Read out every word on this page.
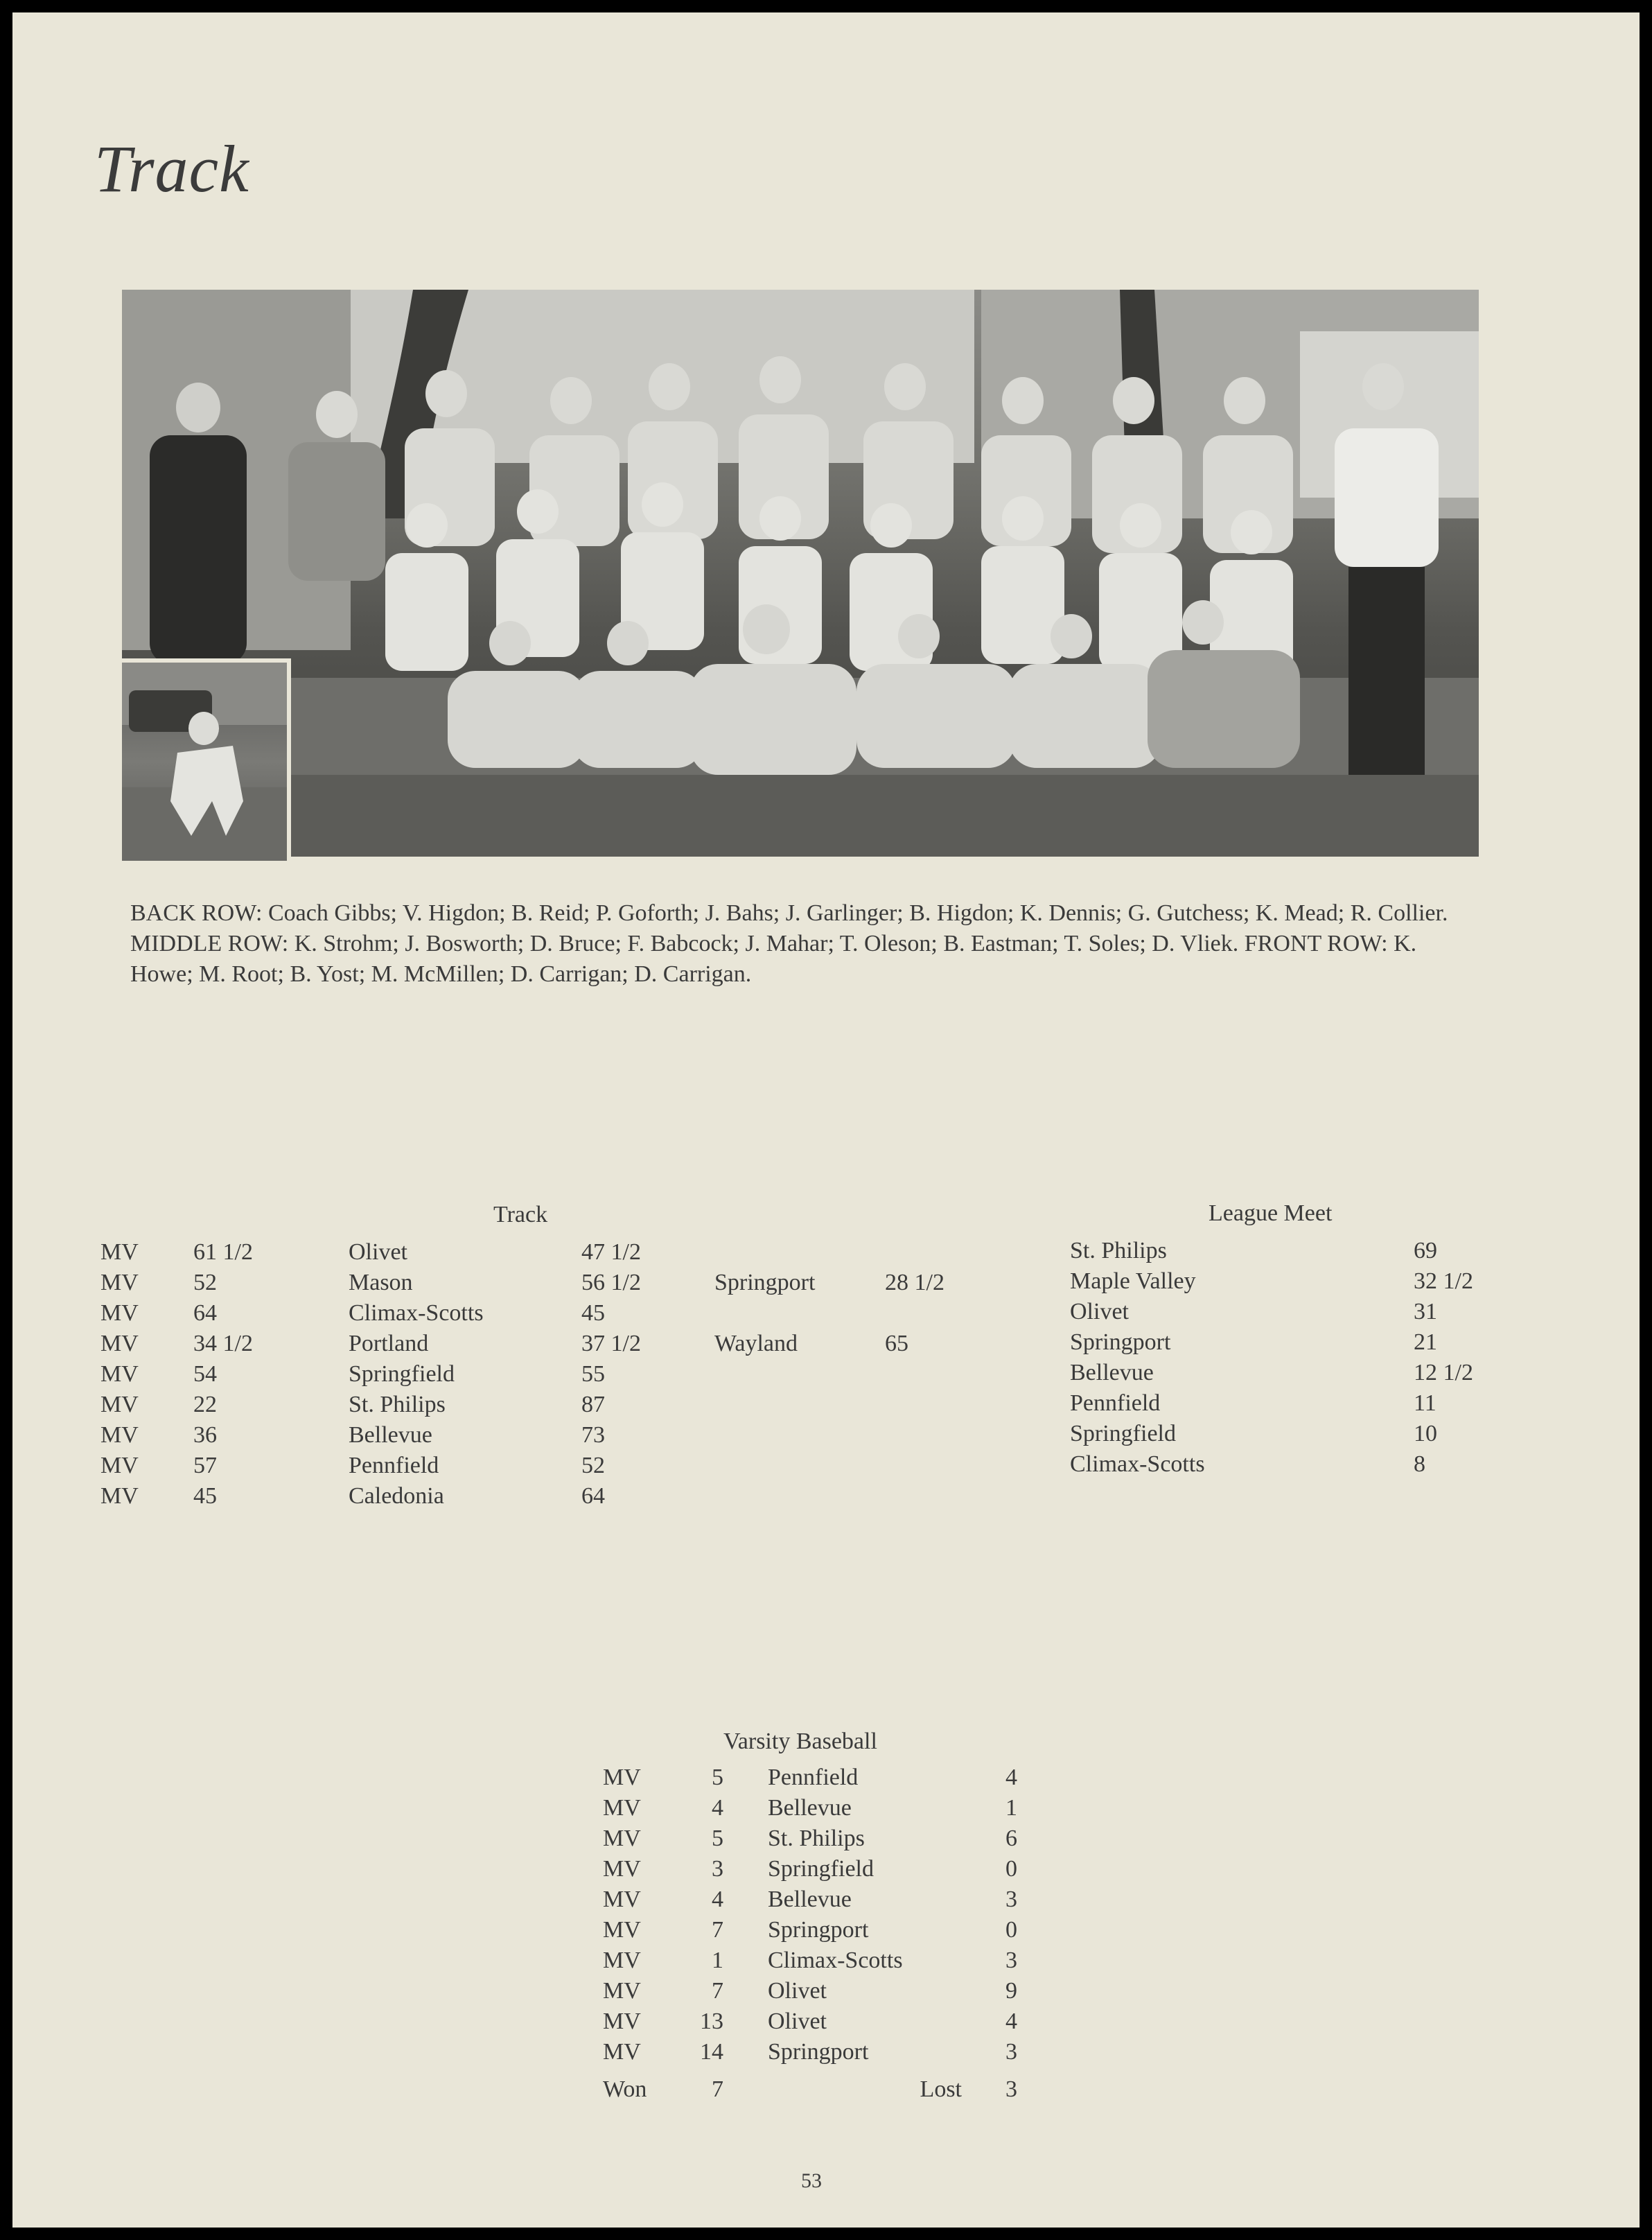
Track

BACK ROW: Coach Gibbs; V. Higdon; B. Reid; P. Goforth; J. Bahs; J. Garlinger; B. Higdon; K. Dennis; G. Gutchess; K. Mead; R. Collier. MIDDLE ROW: K. Strohm; J. Bosworth; D. Bruce; F. Babcock; J. Mahar; T. Oleson; B. Eastman; T. Soles; D. Vliek. FRONT ROW: K. Howe; M. Root; B. Yost; M. McMillen; D. Carrigan; D. Carrigan.

Track
MV	61 1/2	Olivet	47 1/2		
MV	52	Mason	56 1/2	Springport	28 1/2
MV	64	Climax-Scotts	45		
MV	34 1/2	Portland	37 1/2	Wayland	65
MV	54	Springfield	55		
MV	22	St. Philips	87		
MV	36	Bellevue	73		
MV	57	Pennfield	52		
MV	45	Caledonia	64		
League Meet
St. Philips	69
Maple Valley	32 1/2
Olivet	31
Springport	21
Bellevue	12 1/2
Pennfield	11
Springfield	10
Climax-Scotts	8
Varsity Baseball
MV	5	Pennfield	4
MV	4	Bellevue	1
MV	5	St. Philips	6
MV	3	Springfield	0
MV	4	Bellevue	3
MV	7	Springport	0
MV	1	Climax-Scotts	3
MV	7	Olivet	9
MV	13	Olivet	4
MV	14	Springport	3
Won	7	Lost	3
53
